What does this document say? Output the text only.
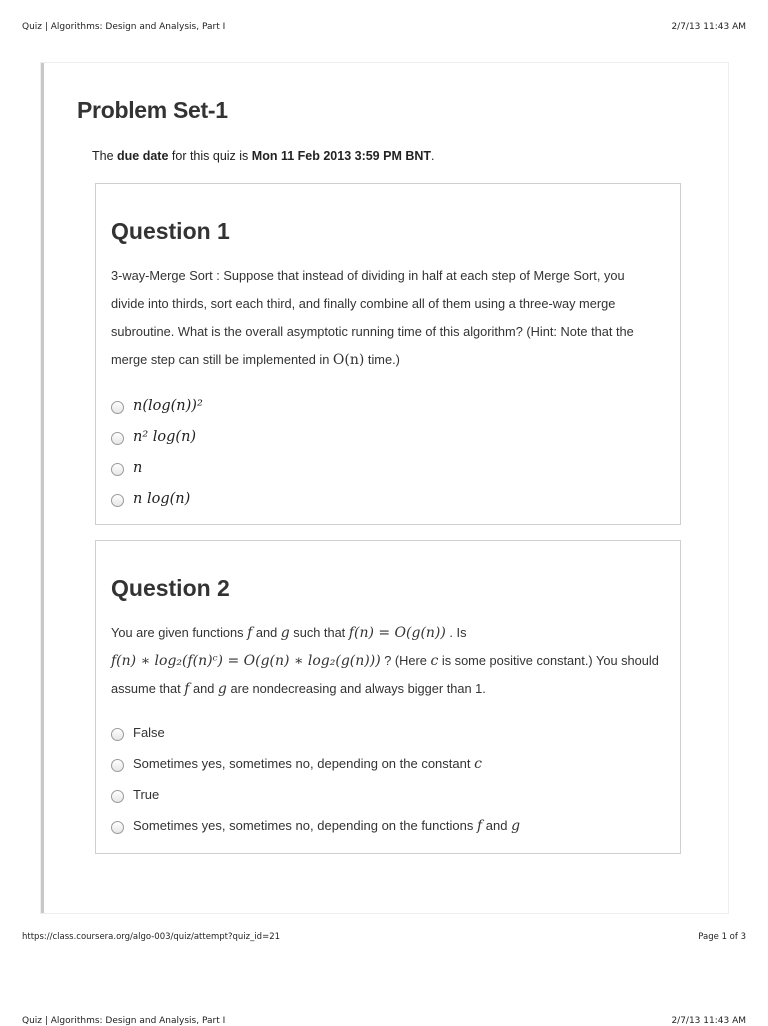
Quiz | Algorithms: Design and Analysis, Part I	2/7/13 11:43 AM
Problem Set-1
The due date for this quiz is Mon 11 Feb 2013 3:59 PM BNT.
Question 1
3-way-Merge Sort : Suppose that instead of dividing in half at each step of Merge Sort, you divide into thirds, sort each third, and finally combine all of them using a three-way merge subroutine. What is the overall asymptotic running time of this algorithm? (Hint: Note that the merge step can still be implemented in O(n) time.)
n(log(n))²
n² log(n)
n
n log(n)
Question 2
You are given functions f and g such that f(n) = O(g(n)) . Is
f(n) ∗ log₂(f(n)ᶜ) = O(g(n) ∗ log₂(g(n))) ? (Here c is some positive constant.) You should assume that f and g are nondecreasing and always bigger than 1.
False
Sometimes yes, sometimes no, depending on the constant c
True
Sometimes yes, sometimes no, depending on the functions f and g
https://class.coursera.org/algo-003/quiz/attempt?quiz_id=21	Page 1 of 3
Quiz | Algorithms: Design and Analysis, Part I	2/7/13 11:43 AM
